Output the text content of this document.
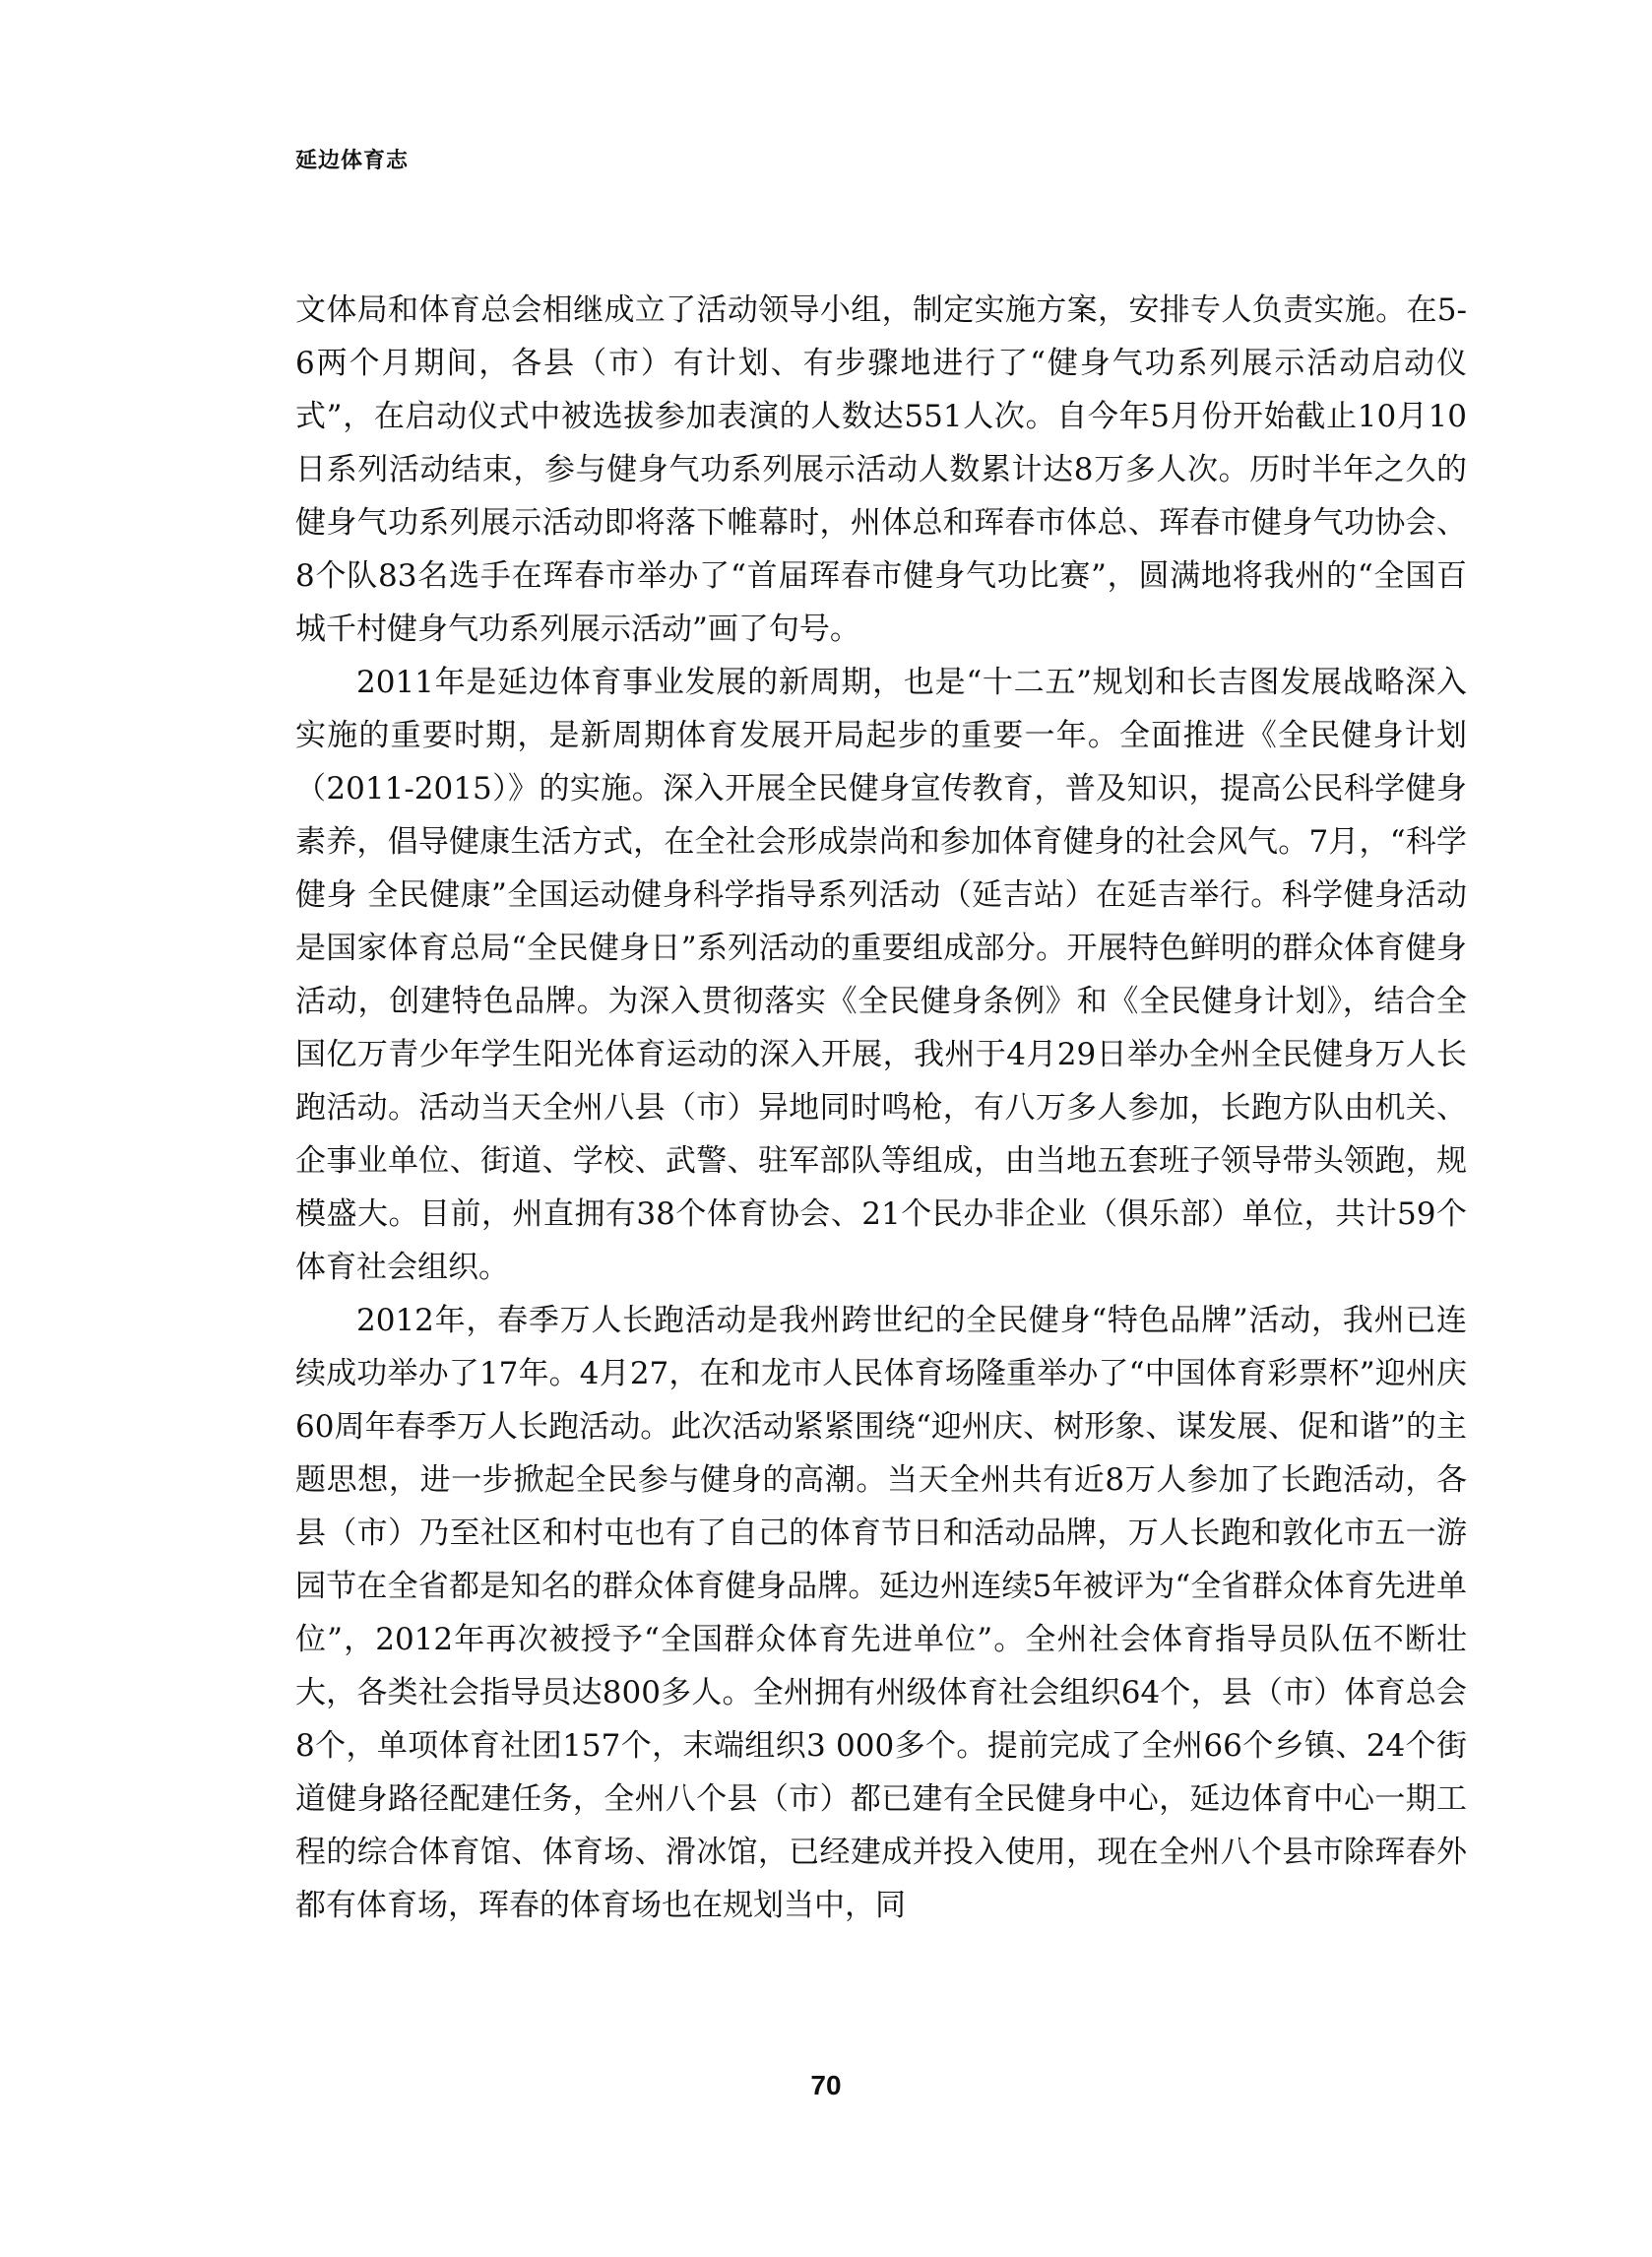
延边体育志

文体局和体育总会相继成立了活动领导小组，制定实施方案，安排专人负责实施。在5-6两个月期间，各县（市）有计划、有步骤地进行了“健身气功系列展示活动启动仪式”，在启动仪式中被选拔参加表演的人数达551人次。自今年5月份开始截止10月10日系列活动结束，参与健身气功系列展示活动人数累计达8万多人次。历时半年之久的健身气功系列展示活动即将落下帷幕时，州体总和珲春市体总、珲春市健身气功协会、8个队83名选手在珲春市举办了“首届珲春市健身气功比赛”，圆满地将我州的“全国百城千村健身气功系列展示活动”画了句号。

2011年是延边体育事业发展的新周期，也是“十二五”规划和长吉图发展战略深入实施的重要时期，是新周期体育发展开局起步的重要一年。全面推进《全民健身计划（2011-2015）》的实施。深入开展全民健身宣传教育，普及知识，提高公民科学健身素养，倡导健康生活方式，在全社会形成崇尚和参加体育健身的社会风气。7月，“科学健身 全民健康”全国运动健身科学指导系列活动（延吉站）在延吉举行。科学健身活动是国家体育总局“全民健身日”系列活动的重要组成部分。开展特色鲜明的群众体育健身活动，创建特色品牌。为深入贯彻落实《全民健身条例》和《全民健身计划》，结合全国亿万青少年学生阳光体育运动的深入开展，我州于4月29日举办全州全民健身万人长跑活动。活动当天全州八县（市）异地同时鸣枪，有八万多人参加，长跑方队由机关、企事业单位、街道、学校、武警、驻军部队等组成，由当地五套班子领导带头领跑，规模盛大。目前，州直拥有38个体育协会、21个民办非企业（俱乐部）单位，共计59个体育社会组织。

2012年，春季万人长跑活动是我州跨世纪的全民健身“特色品牌”活动，我州已连续成功举办了17年。4月27，在和龙市人民体育场隆重举办了“中国体育彩票杯”迎州庆60周年春季万人长跑活动。此次活动紧紧围绕“迎州庆、树形象、谋发展、促和谐”的主题思想，进一步掀起全民参与健身的高潮。当天全州共有近8万人参加了长跑活动，各县（市）乃至社区和村屯也有了自己的体育节日和活动品牌，万人长跑和敦化市五一游园节在全省都是知名的群众体育健身品牌。延边州连续5年被评为“全省群众体育先进单位”，2012年再次被授予“全国群众体育先进单位”。全州社会体育指导员队伍不断壮大，各类社会指导员达800多人。全州拥有州级体育社会组织64个，县（市）体育总会8个，单项体育社团157个，末端组织3 000多个。提前完成了全州66个乡镇、24个街道健身路径配建任务，全州八个县（市）都已建有全民健身中心，延边体育中心一期工程的综合体育馆、体育场、滑冰馆，已经建成并投入使用，现在全州八个县市除珲春外都有体育场，珲春的体育场也在规划当中，同

70
